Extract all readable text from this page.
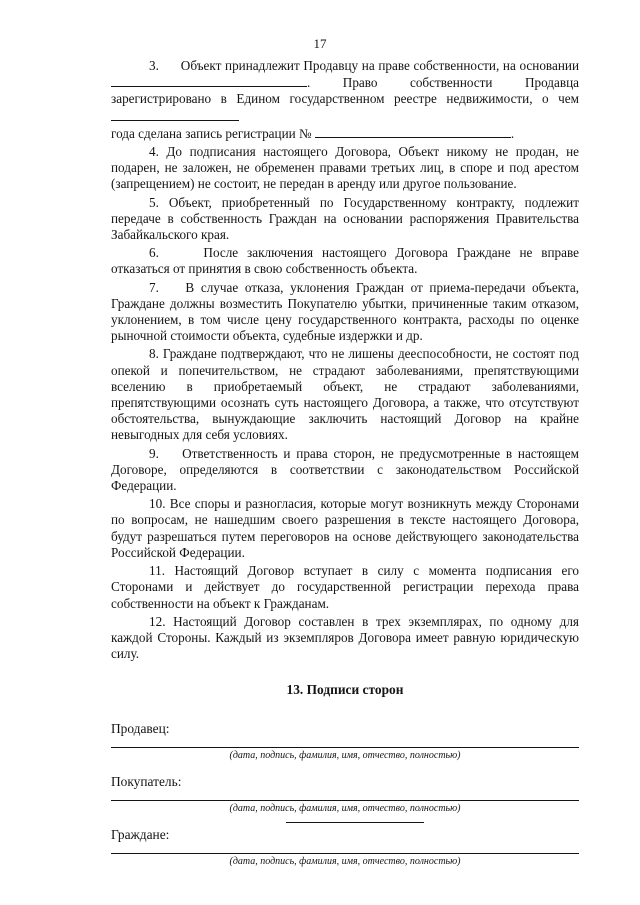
17

3.      Объект принадлежит Продавцу на праве собственности, на основании . Право собственности Продавца зарегистрировано в Едином государственном реестре недвижимости, о чем
года сделана запись регистрации №	.

4. До подписания настоящего Договора, Объект никому не продан, не подарен, не заложен, не обременен правами третьих лиц, в споре и под арестом (запрещением) не состоит, не передан в аренду или другое пользование.

5. Объект, приобретенный по Государственному контракту, подлежит передаче в собственность Граждан на основании распоряжения Правительства Забайкальского края.

6.     После заключения настоящего Договора Граждане не вправе отказаться от принятия в свою собственность объекта.

7.    В случае отказа, уклонения Граждан от приема-передачи объекта, Граждане должны возместить Покупателю убытки, причиненные таким отказом, уклонением, в том числе цену государственного контракта, расходы по оценке рыночной стоимости объекта, судебные издержки и др.

8. Граждане подтверждают, что не лишены дееспособности, не состоят под опекой и попечительством, не страдают заболеваниями, препятствующими вселению в приобретаемый объект, не страдают заболеваниями, препятствующими осознать суть настоящего Договора, а также, что отсутствуют обстоятельства, вынуждающие заключить настоящий Договор на крайне невыгодных для себя условиях.

9.    Ответственность и права сторон, не предусмотренные в настоящем Договоре, определяются в соответствии с законодательством Российской Федерации.

10. Все споры и разногласия, которые могут возникнуть между Сторонами по вопросам, не нашедшим своего разрешения в тексте настоящего Договора, будут разрешаться путем переговоров на основе действующего законодательства Российской Федерации.

11. Настоящий Договор вступает в силу с момента подписания его Сторонами и действует до государственной регистрации перехода права собственности на объект к Гражданам.

12. Настоящий Договор составлен в трех экземплярах, по одному для каждой Стороны. Каждый из экземпляров Договора имеет равную юридическую силу.

13. Подписи сторон
Продавец:
(дата, подпись, фамилия, имя, отчество, полностью)
Покупатель:
(дата, подпись, фамилия, имя, отчество, полностью)
Граждане:
(дата, подпись, фамилия, имя, отчество, полностью)
